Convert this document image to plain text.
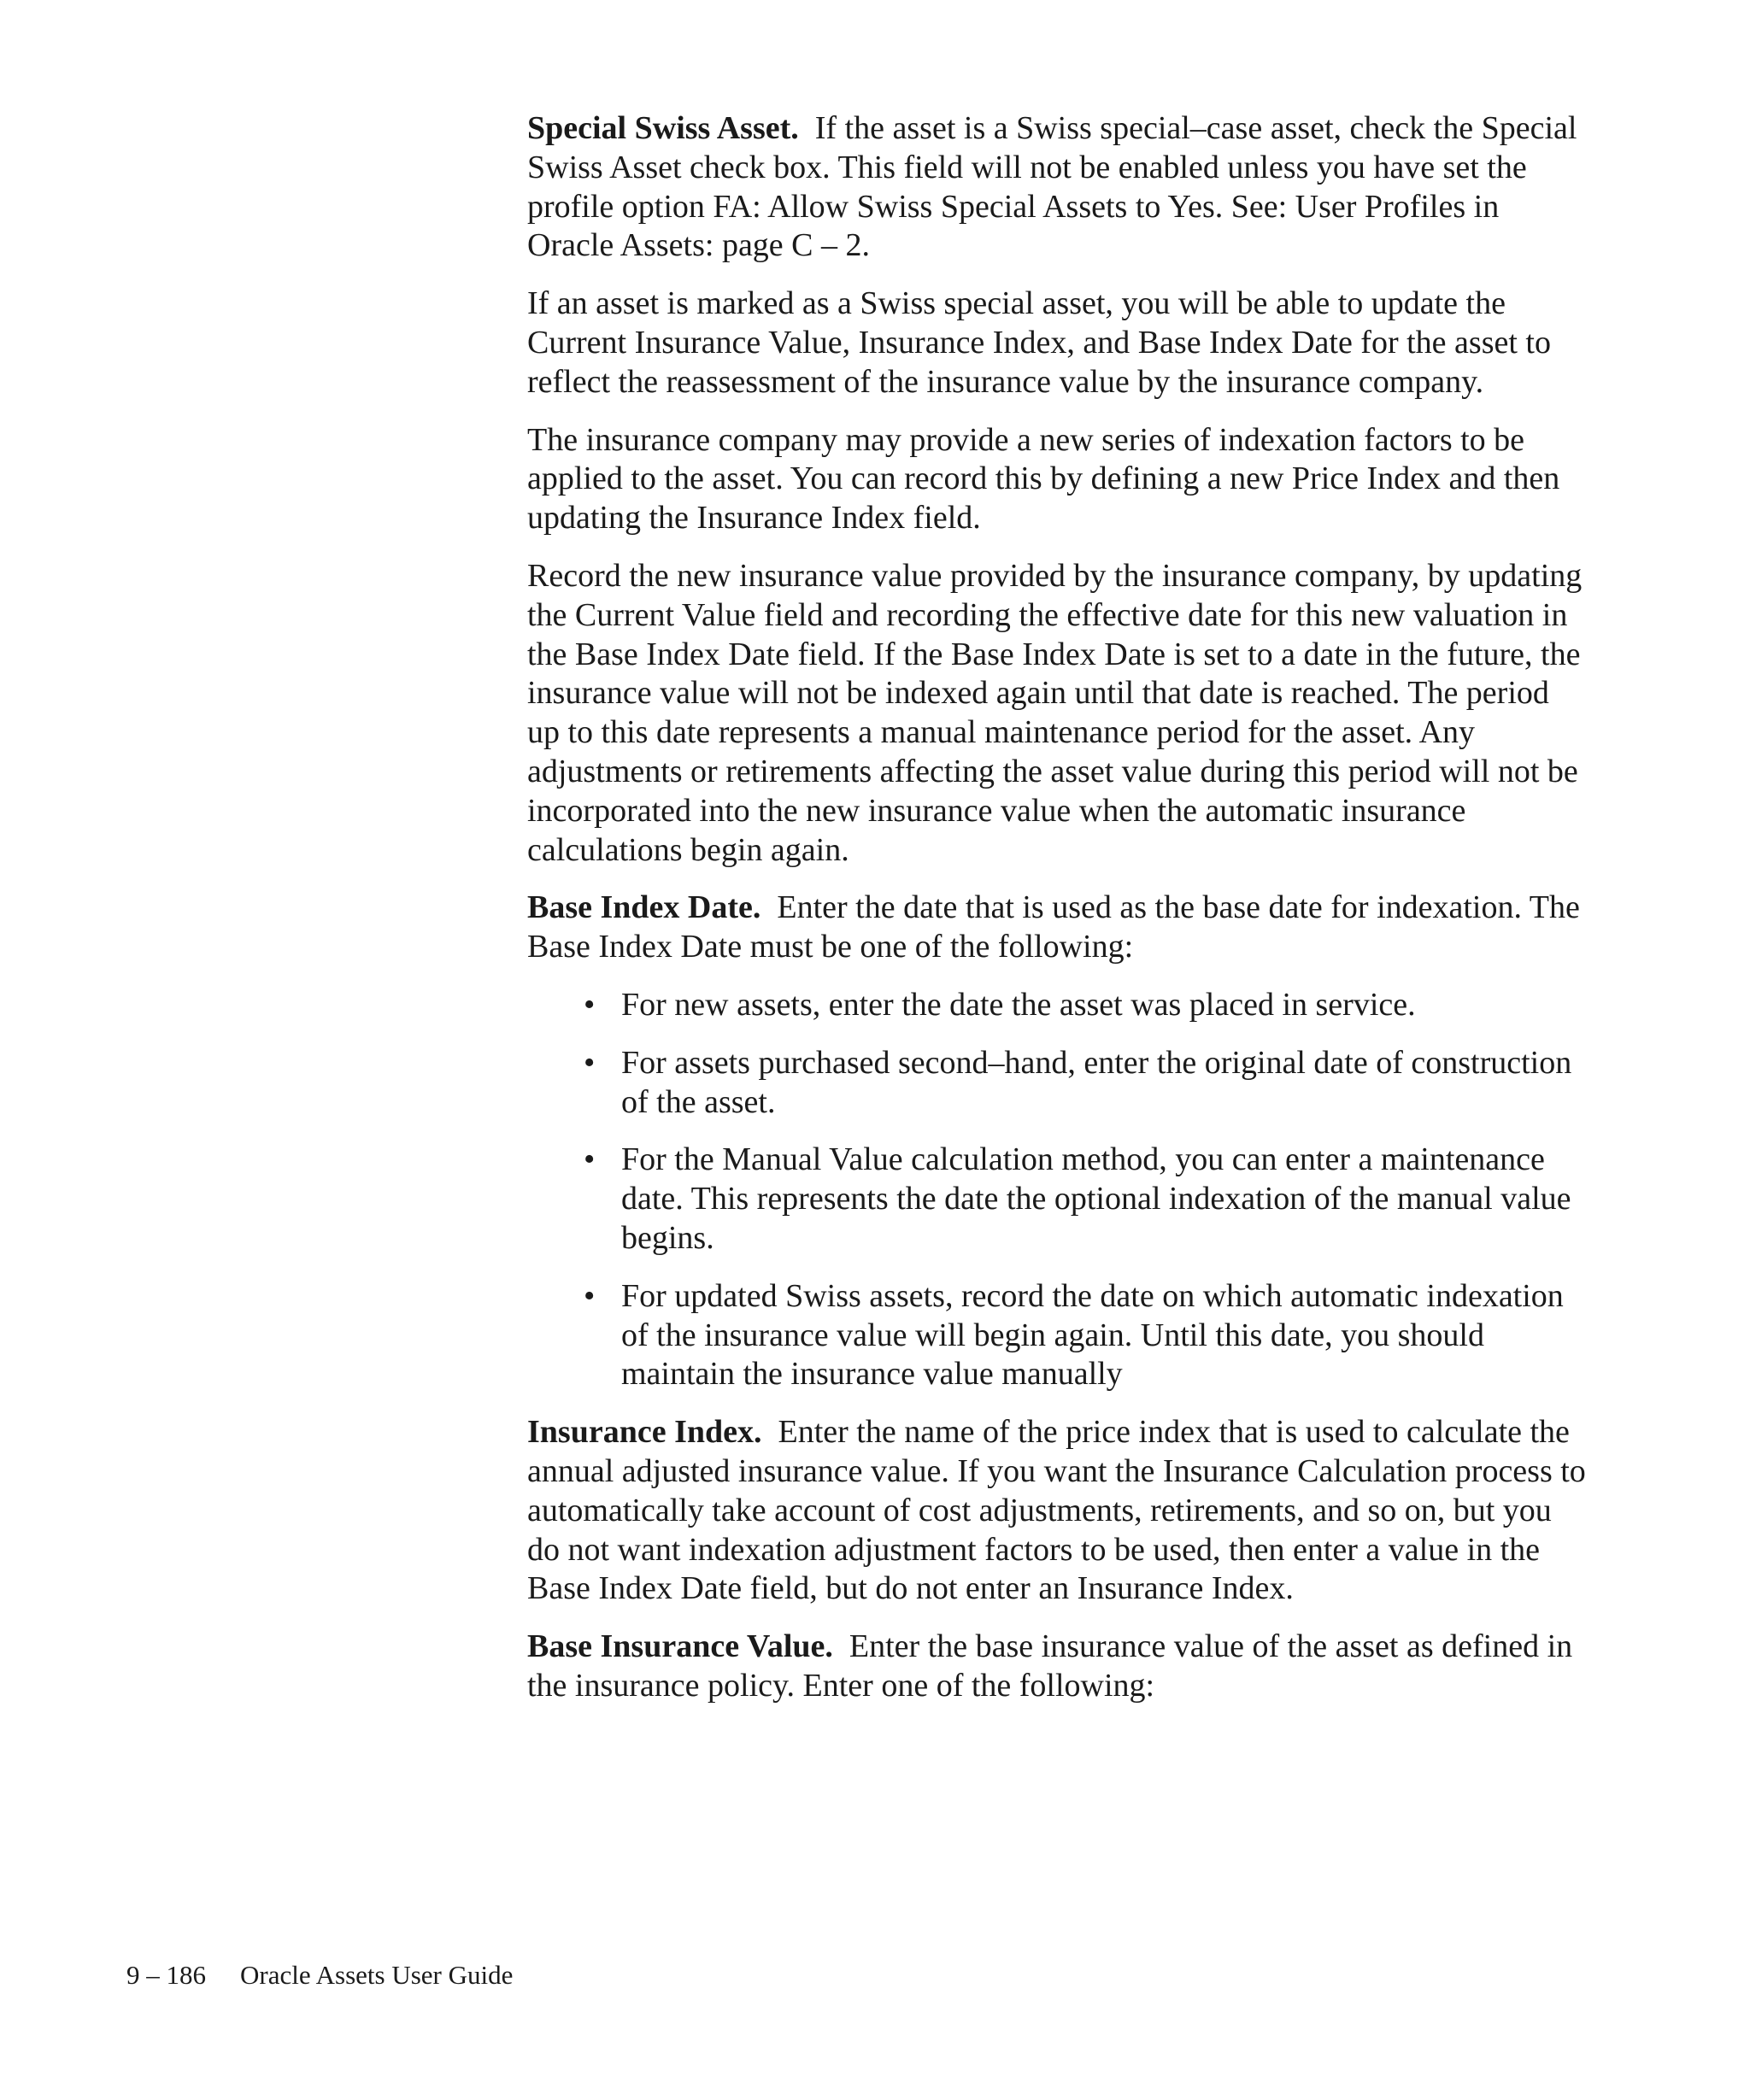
Special Swiss Asset. If the asset is a Swiss special–case asset, check the Special Swiss Asset check box. This field will not be enabled unless you have set the profile option FA: Allow Swiss Special Assets to Yes. See: User Profiles in Oracle Assets: page C – 2.

If an asset is marked as a Swiss special asset, you will be able to update the Current Insurance Value, Insurance Index, and Base Index Date for the asset to reflect the reassessment of the insurance value by the insurance company.

The insurance company may provide a new series of indexation factors to be applied to the asset. You can record this by defining a new Price Index and then updating the Insurance Index field.

Record the new insurance value provided by the insurance company, by updating the Current Value field and recording the effective date for this new valuation in the Base Index Date field. If the Base Index Date is set to a date in the future, the insurance value will not be indexed again until that date is reached. The period up to this date represents a manual maintenance period for the asset. Any adjustments or retirements affecting the asset value during this period will not be incorporated into the new insurance value when the automatic insurance calculations begin again.

Base Index Date. Enter the date that is used as the base date for indexation. The Base Index Date must be one of the following:

• For new assets, enter the date the asset was placed in service.
• For assets purchased second–hand, enter the original date of construction of the asset.
• For the Manual Value calculation method, you can enter a maintenance date. This represents the date the optional indexation of the manual value begins.
• For updated Swiss assets, record the date on which automatic indexation of the insurance value will begin again. Until this date, you should maintain the insurance value manually

Insurance Index. Enter the name of the price index that is used to calculate the annual adjusted insurance value. If you want the Insurance Calculation process to automatically take account of cost adjustments, retirements, and so on, but you do not want indexation adjustment factors to be used, then enter a value in the Base Index Date field, but do not enter an Insurance Index.

Base Insurance Value. Enter the base insurance value of the asset as defined in the insurance policy. Enter one of the following:

9 – 186 Oracle Assets User Guide
